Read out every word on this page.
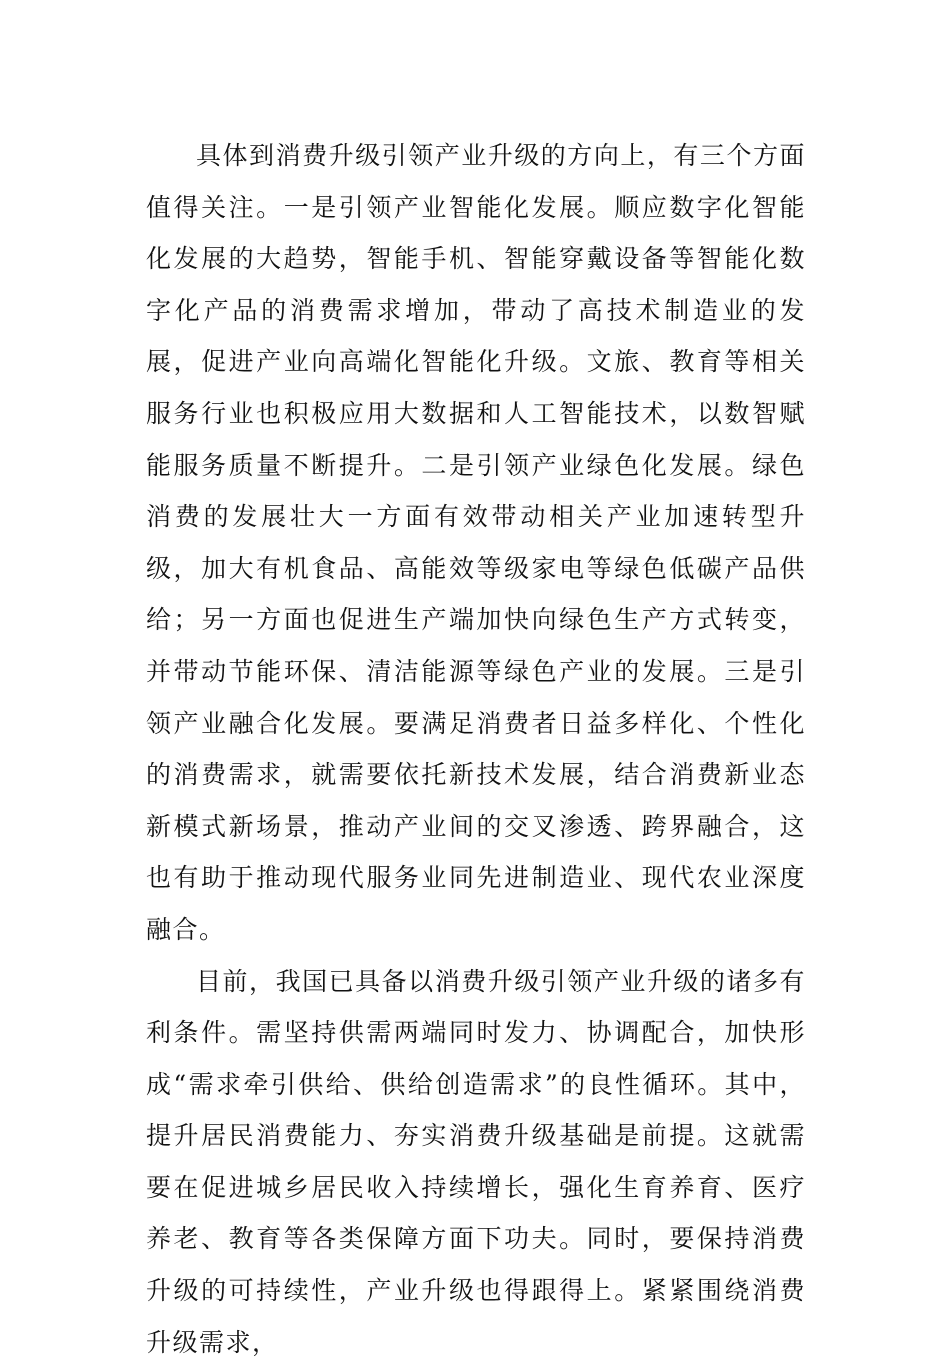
具体到消费升级引领产业升级的方向上，有三个方面值得关注。一是引领产业智能化发展。顺应数字化智能化发展的大趋势，智能手机、智能穿戴设备等智能化数字化产品的消费需求增加，带动了高技术制造业的发展，促进产业向高端化智能化升级。文旅、教育等相关服务行业也积极应用大数据和人工智能技术，以数智赋能服务质量不断提升。二是引领产业绿色化发展。绿色消费的发展壮大一方面有效带动相关产业加速转型升级，加大有机食品、高能效等级家电等绿色低碳产品供给；另一方面也促进生产端加快向绿色生产方式转变，并带动节能环保、清洁能源等绿色产业的发展。三是引领产业融合化发展。要满足消费者日益多样化、个性化的消费需求，就需要依托新技术发展，结合消费新业态新模式新场景，推动产业间的交叉渗透、跨界融合，这也有助于推动现代服务业同先进制造业、现代农业深度融合。

目前，我国已具备以消费升级引领产业升级的诸多有利条件。需坚持供需两端同时发力、协调配合，加快形成“需求牵引供给、供给创造需求”的良性循环。其中，提升居民消费能力、夯实消费升级基础是前提。这就需要在促进城乡居民收入持续增长，强化生育养育、医疗养老、教育等各类保障方面下功夫。同时，要保持消费升级的可持续性，产业升级也得跟得上。紧紧围绕消费升级需求，
